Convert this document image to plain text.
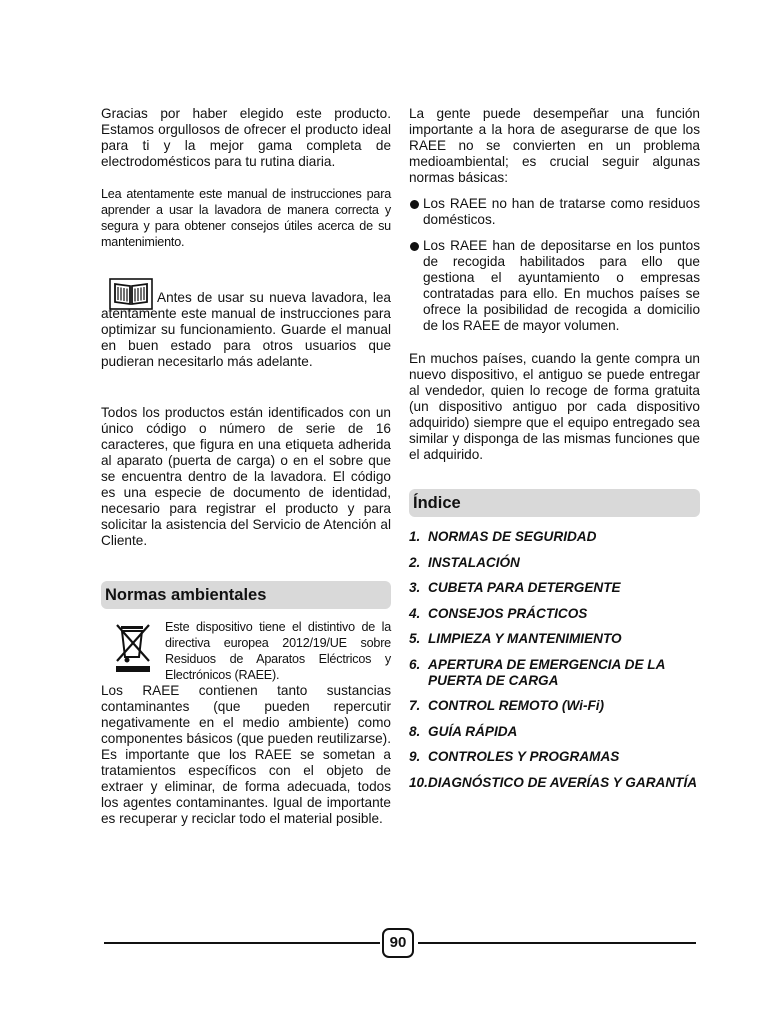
Gracias por haber elegido este producto. Estamos orgullosos de ofrecer el producto ideal para ti y la mejor gama completa de electrodomésticos para tu rutina diaria.

Lea atentamente este manual de instrucciones para aprender a usar la lavadora de manera correcta y segura y para obtener consejos útiles acerca de su mantenimiento.

Antes de usar su nueva lavadora, lea atentamente este manual de instrucciones para optimizar su funcionamiento. Guarde el manual en buen estado para otros usuarios que pudieran necesitarlo más adelante.

Todos los productos están identificados con un único código o número de serie de 16 caracteres, que figura en una etiqueta adherida al aparato (puerta de carga) o en el sobre que se encuentra dentro de la lavadora. El código es una especie de documento de identidad, necesario para registrar el producto y para solicitar la asistencia del Servicio de Atención al Cliente.

Normas ambientales

Este dispositivo tiene el distintivo de la directiva europea 2012/19/UE sobre Residuos de Aparatos Eléctricos y Electrónicos (RAEE).

Los RAEE contienen tanto sustancias contaminantes (que pueden repercutir negativamente en el medio ambiente) como componentes básicos (que pueden reutilizarse). Es importante que los RAEE se sometan a tratamientos específicos con el objeto de extraer y eliminar, de forma adecuada, todos los agentes contaminantes. Igual de importante es recuperar y reciclar todo el material posible.

La gente puede desempeñar una función importante a la hora de asegurarse de que los RAEE no se convierten en un problema medioambiental; es crucial seguir algunas normas básicas:

Los RAEE no han de tratarse como residuos domésticos.

Los RAEE han de depositarse en los puntos de recogida habilitados para ello que gestiona el ayuntamiento o empresas contratadas para ello. En muchos países se ofrece la posibilidad de recogida a domicilio de los RAEE de mayor volumen.

En muchos países, cuando la gente compra un nuevo dispositivo, el antiguo se puede entregar al vendedor, quien lo recoge de forma gratuita (un dispositivo antiguo por cada dispositivo adquirido) siempre que el equipo entregado sea similar y disponga de las mismas funciones que el adquirido.

Índice
1. NORMAS DE SEGURIDAD
2. INSTALACIÓN
3. CUBETA PARA DETERGENTE
4. CONSEJOS PRÁCTICOS
5. LIMPIEZA Y MANTENIMIENTO
6. APERTURA DE EMERGENCIA DE LA PUERTA DE CARGA
7. CONTROL REMOTO (Wi-Fi)
8. GUÍA RÁPIDA
9. CONTROLES Y PROGRAMAS
10. DIAGNÓSTICO DE AVERÍAS Y GARANTÍA
90
